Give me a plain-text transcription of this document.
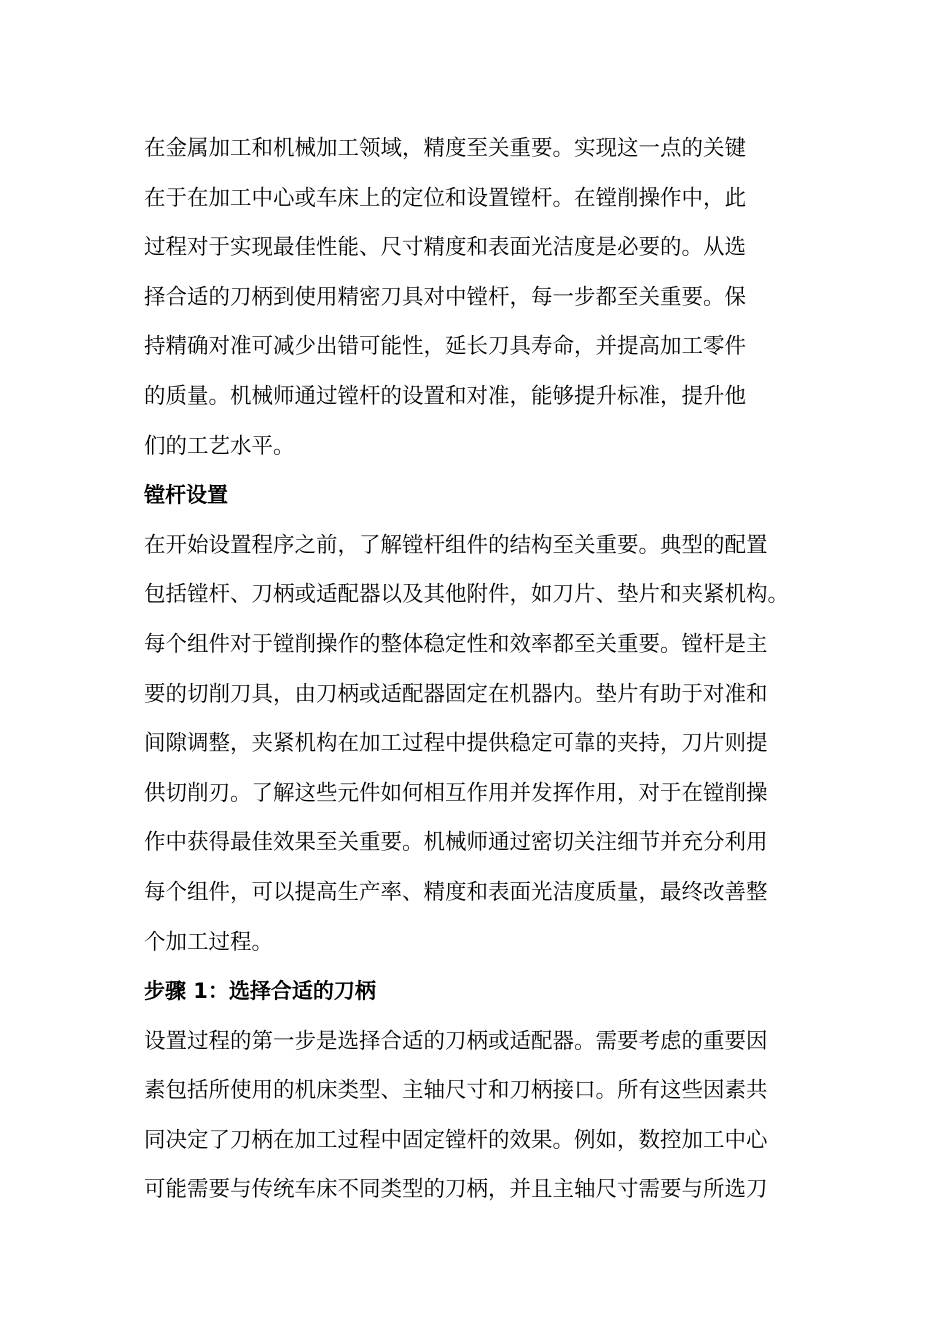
在金属加工和机械加工领域，精度至关重要。实现这一点的关键
在于在加工中心或车床上的定位和设置镗杆。在镗削操作中，此
过程对于实现最佳性能、尺寸精度和表面光洁度是必要的。从选
择合适的刀柄到使用精密刀具对中镗杆，每一步都至关重要。保
持精确对准可减少出错可能性，延长刀具寿命，并提高加工零件
的质量。机械师通过镗杆的设置和对准，能够提升标准，提升他
们的工艺水平。
镗杆设置
在开始设置程序之前，了解镗杆组件的结构至关重要。典型的配置
包括镗杆、刀柄或适配器以及其他附件，如刀片、垫片和夹紧机构。
每个组件对于镗削操作的整体稳定性和效率都至关重要。镗杆是主
要的切削刀具，由刀柄或适配器固定在机器内。垫片有助于对准和
间隙调整，夹紧机构在加工过程中提供稳定可靠的夹持，刀片则提
供切削刃。了解这些元件如何相互作用并发挥作用，对于在镗削操
作中获得最佳效果至关重要。机械师通过密切关注细节并充分利用
每个组件，可以提高生产率、精度和表面光洁度质量，最终改善整
个加工过程。
步骤 1：选择合适的刀柄
设置过程的第一步是选择合适的刀柄或适配器。需要考虑的重要因
素包括所使用的机床类型、主轴尺寸和刀柄接口。所有这些因素共
同决定了刀柄在加工过程中固定镗杆的效果。例如，数控加工中心
可能需要与传统车床不同类型的刀柄，并且主轴尺寸需要与所选刀
